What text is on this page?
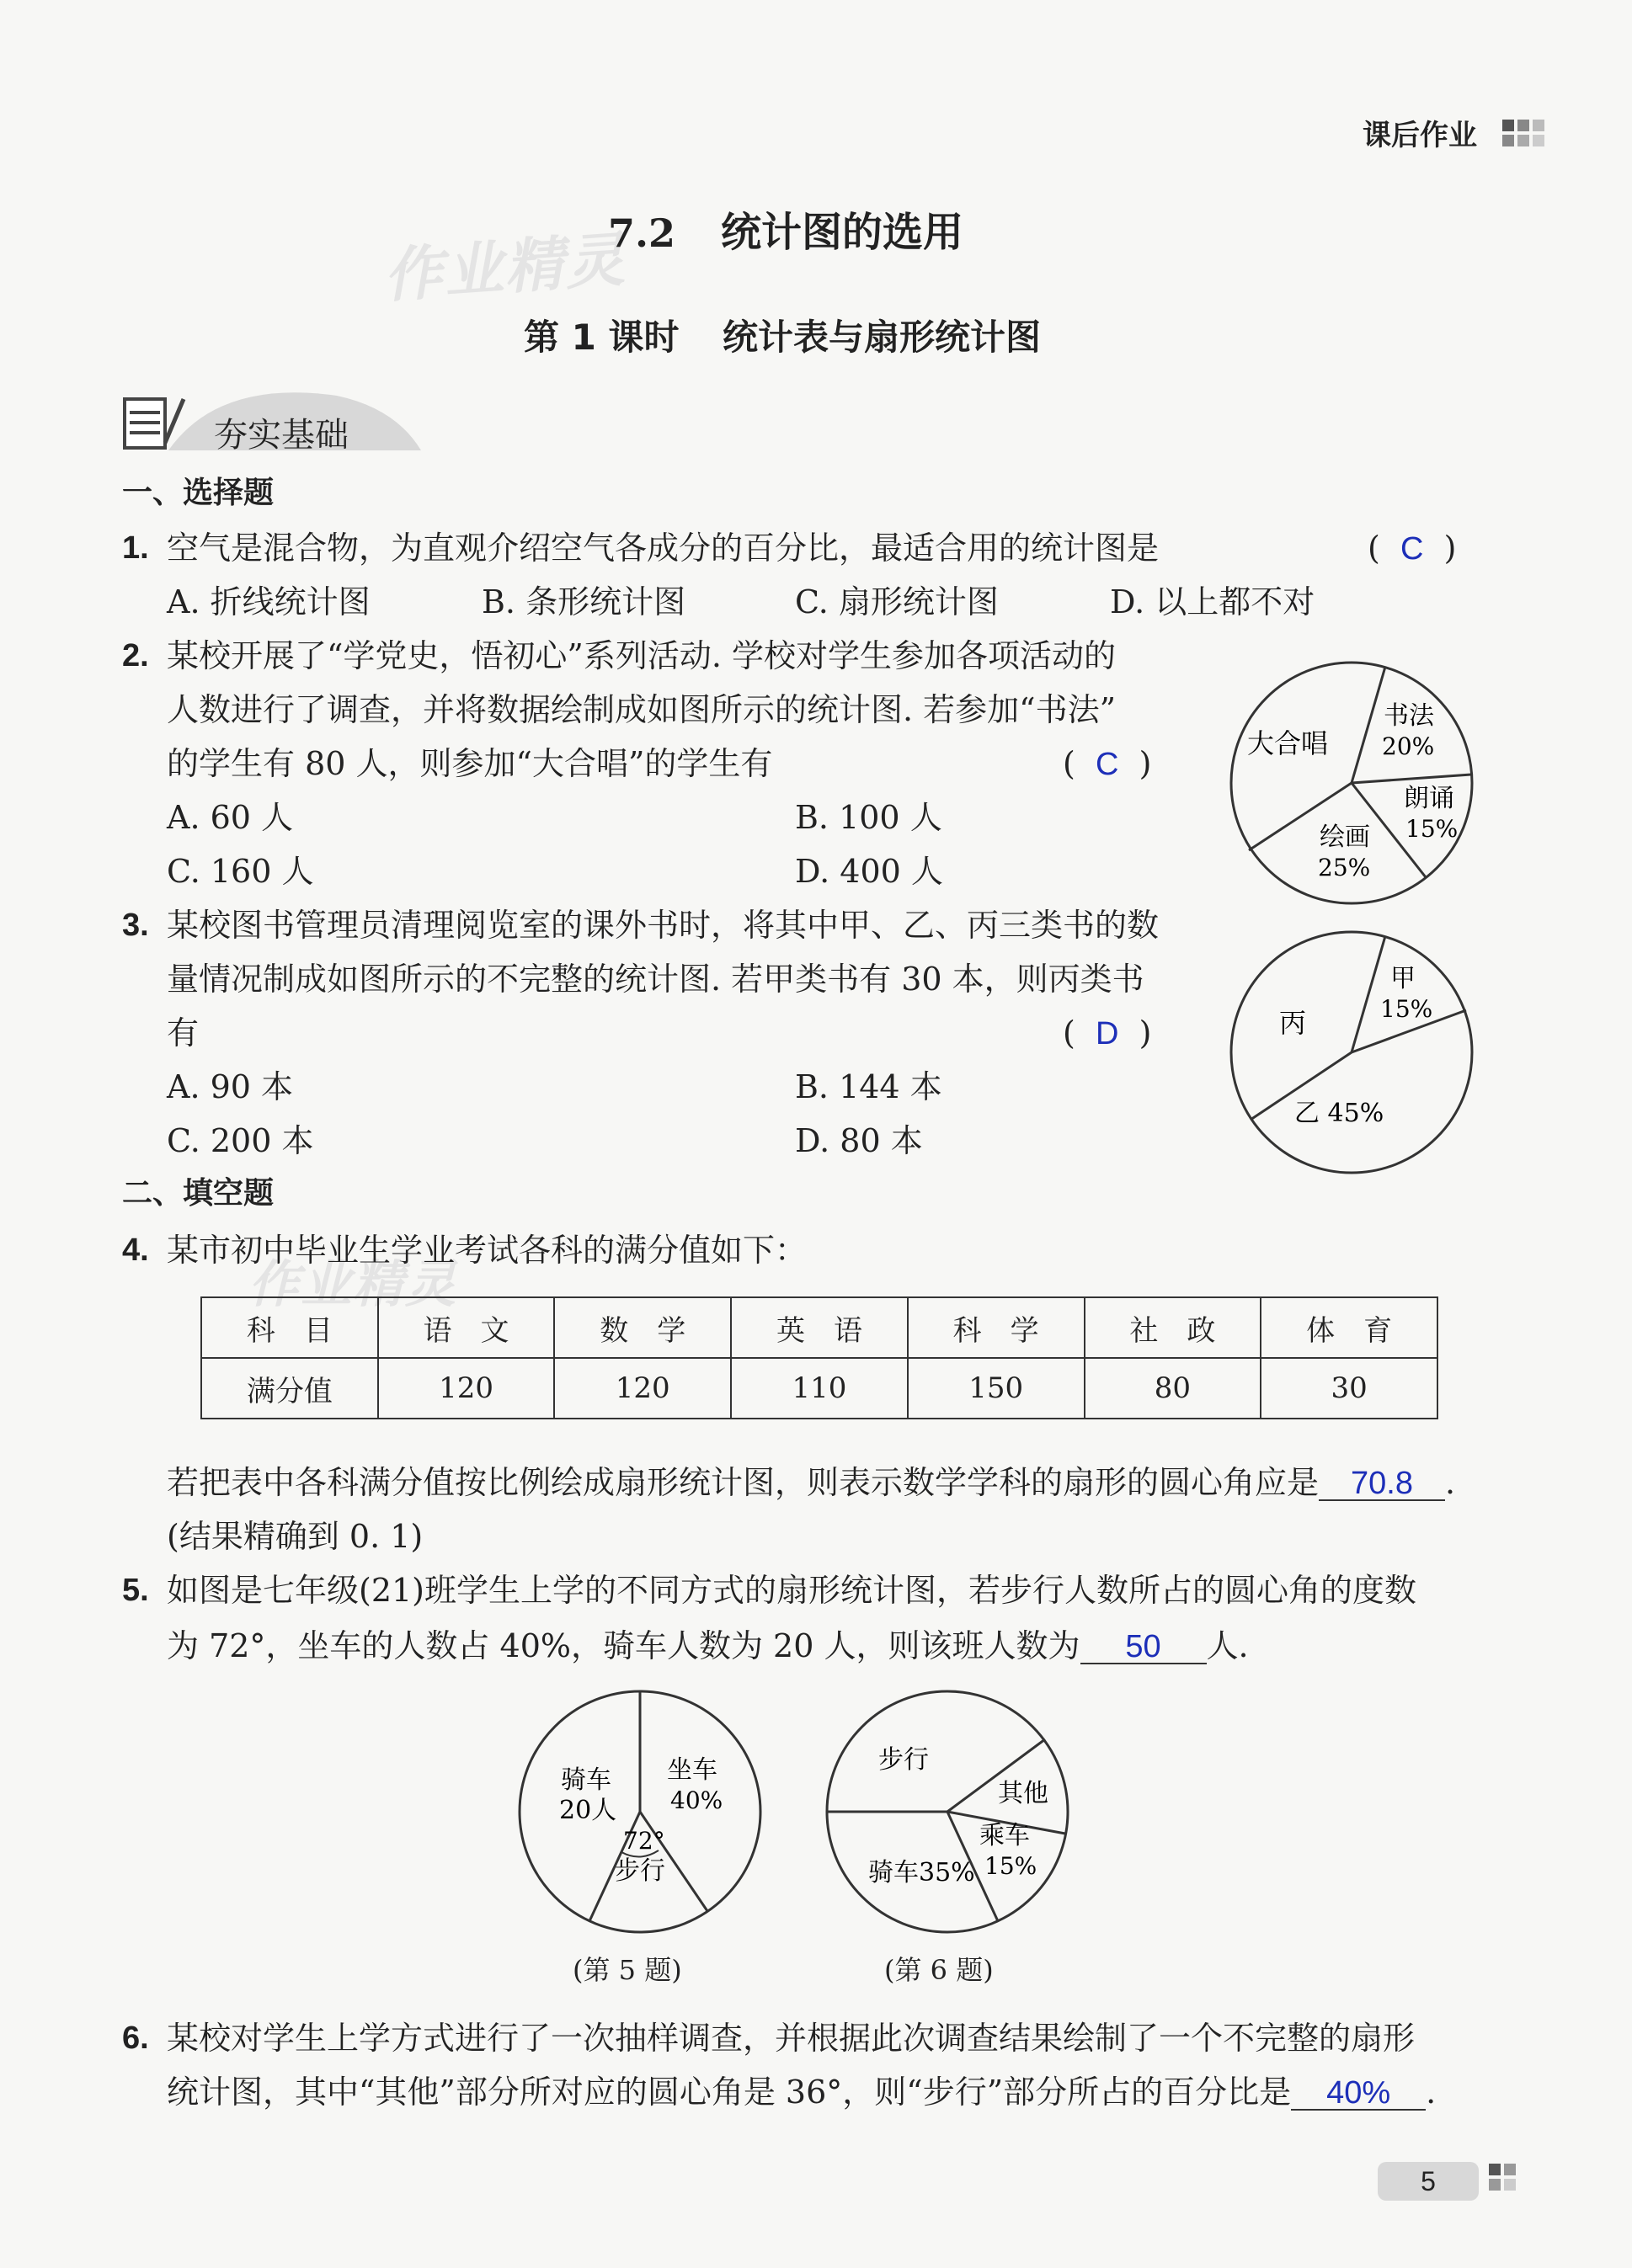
课后作业
作业精灵
作业精灵
7.2 统计图的选用
第 1 课时 统计表与扇形统计图
夯实基础
一、选择题
1. 空气是混合物，为直观介绍空气各成分的百分比，最适合用的统计图是	(  C  )
A. 折线统计图	B. 条形统计图	C. 扇形统计图	D. 以上都不对
2. 某校开展了“学党史，悟初心”系列活动. 学校对学生参加各项活动的
人数进行了调查，并将数据绘制成如图所示的统计图. 若参加“书法”
的学生有 80 人，则参加“大合唱”的学生有	(  C  )
A. 60 人	B. 100 人
C. 160 人	D. 400 人
大合唱
书法
20%
朗诵
15%
绘画
25%
3. 某校图书管理员清理阅览室的课外书时，将其中甲、乙、丙三类书的数
量情况制成如图所示的不完整的统计图. 若甲类书有 30 本，则丙类书
有	(  D  )
A. 90 本	B. 144 本
C. 200 本	D. 80 本
甲
15%
丙
乙 45%
二、填空题
4. 某市初中毕业生学业考试各科的满分值如下：
科　目	语　文	数　学	英　语	科　学	社　政	体　育
满分值	120	120	110	150	80	30
若把表中各科满分值按比例绘成扇形统计图，则表示数学学科的扇形的圆心角应是 70.8 .
(结果精确到 0. 1)
5. 如图是七年级(21)班学生上学的不同方式的扇形统计图，若步行人数所占的圆心角的度数
为 72°，坐车的人数占 40%，骑车人数为 20 人，则该班人数为 50 人.
骑车
20人
坐车
40%
72°
步行
(第 5 题)
步行
其他
乘车
15%
骑车35%
(第 6 题)
6. 某校对学生上学方式进行了一次抽样调查，并根据此次调查结果绘制了一个不完整的扇形
统计图，其中“其他”部分所对应的圆心角是 36°，则“步行”部分所占的百分比是 40% .
5
